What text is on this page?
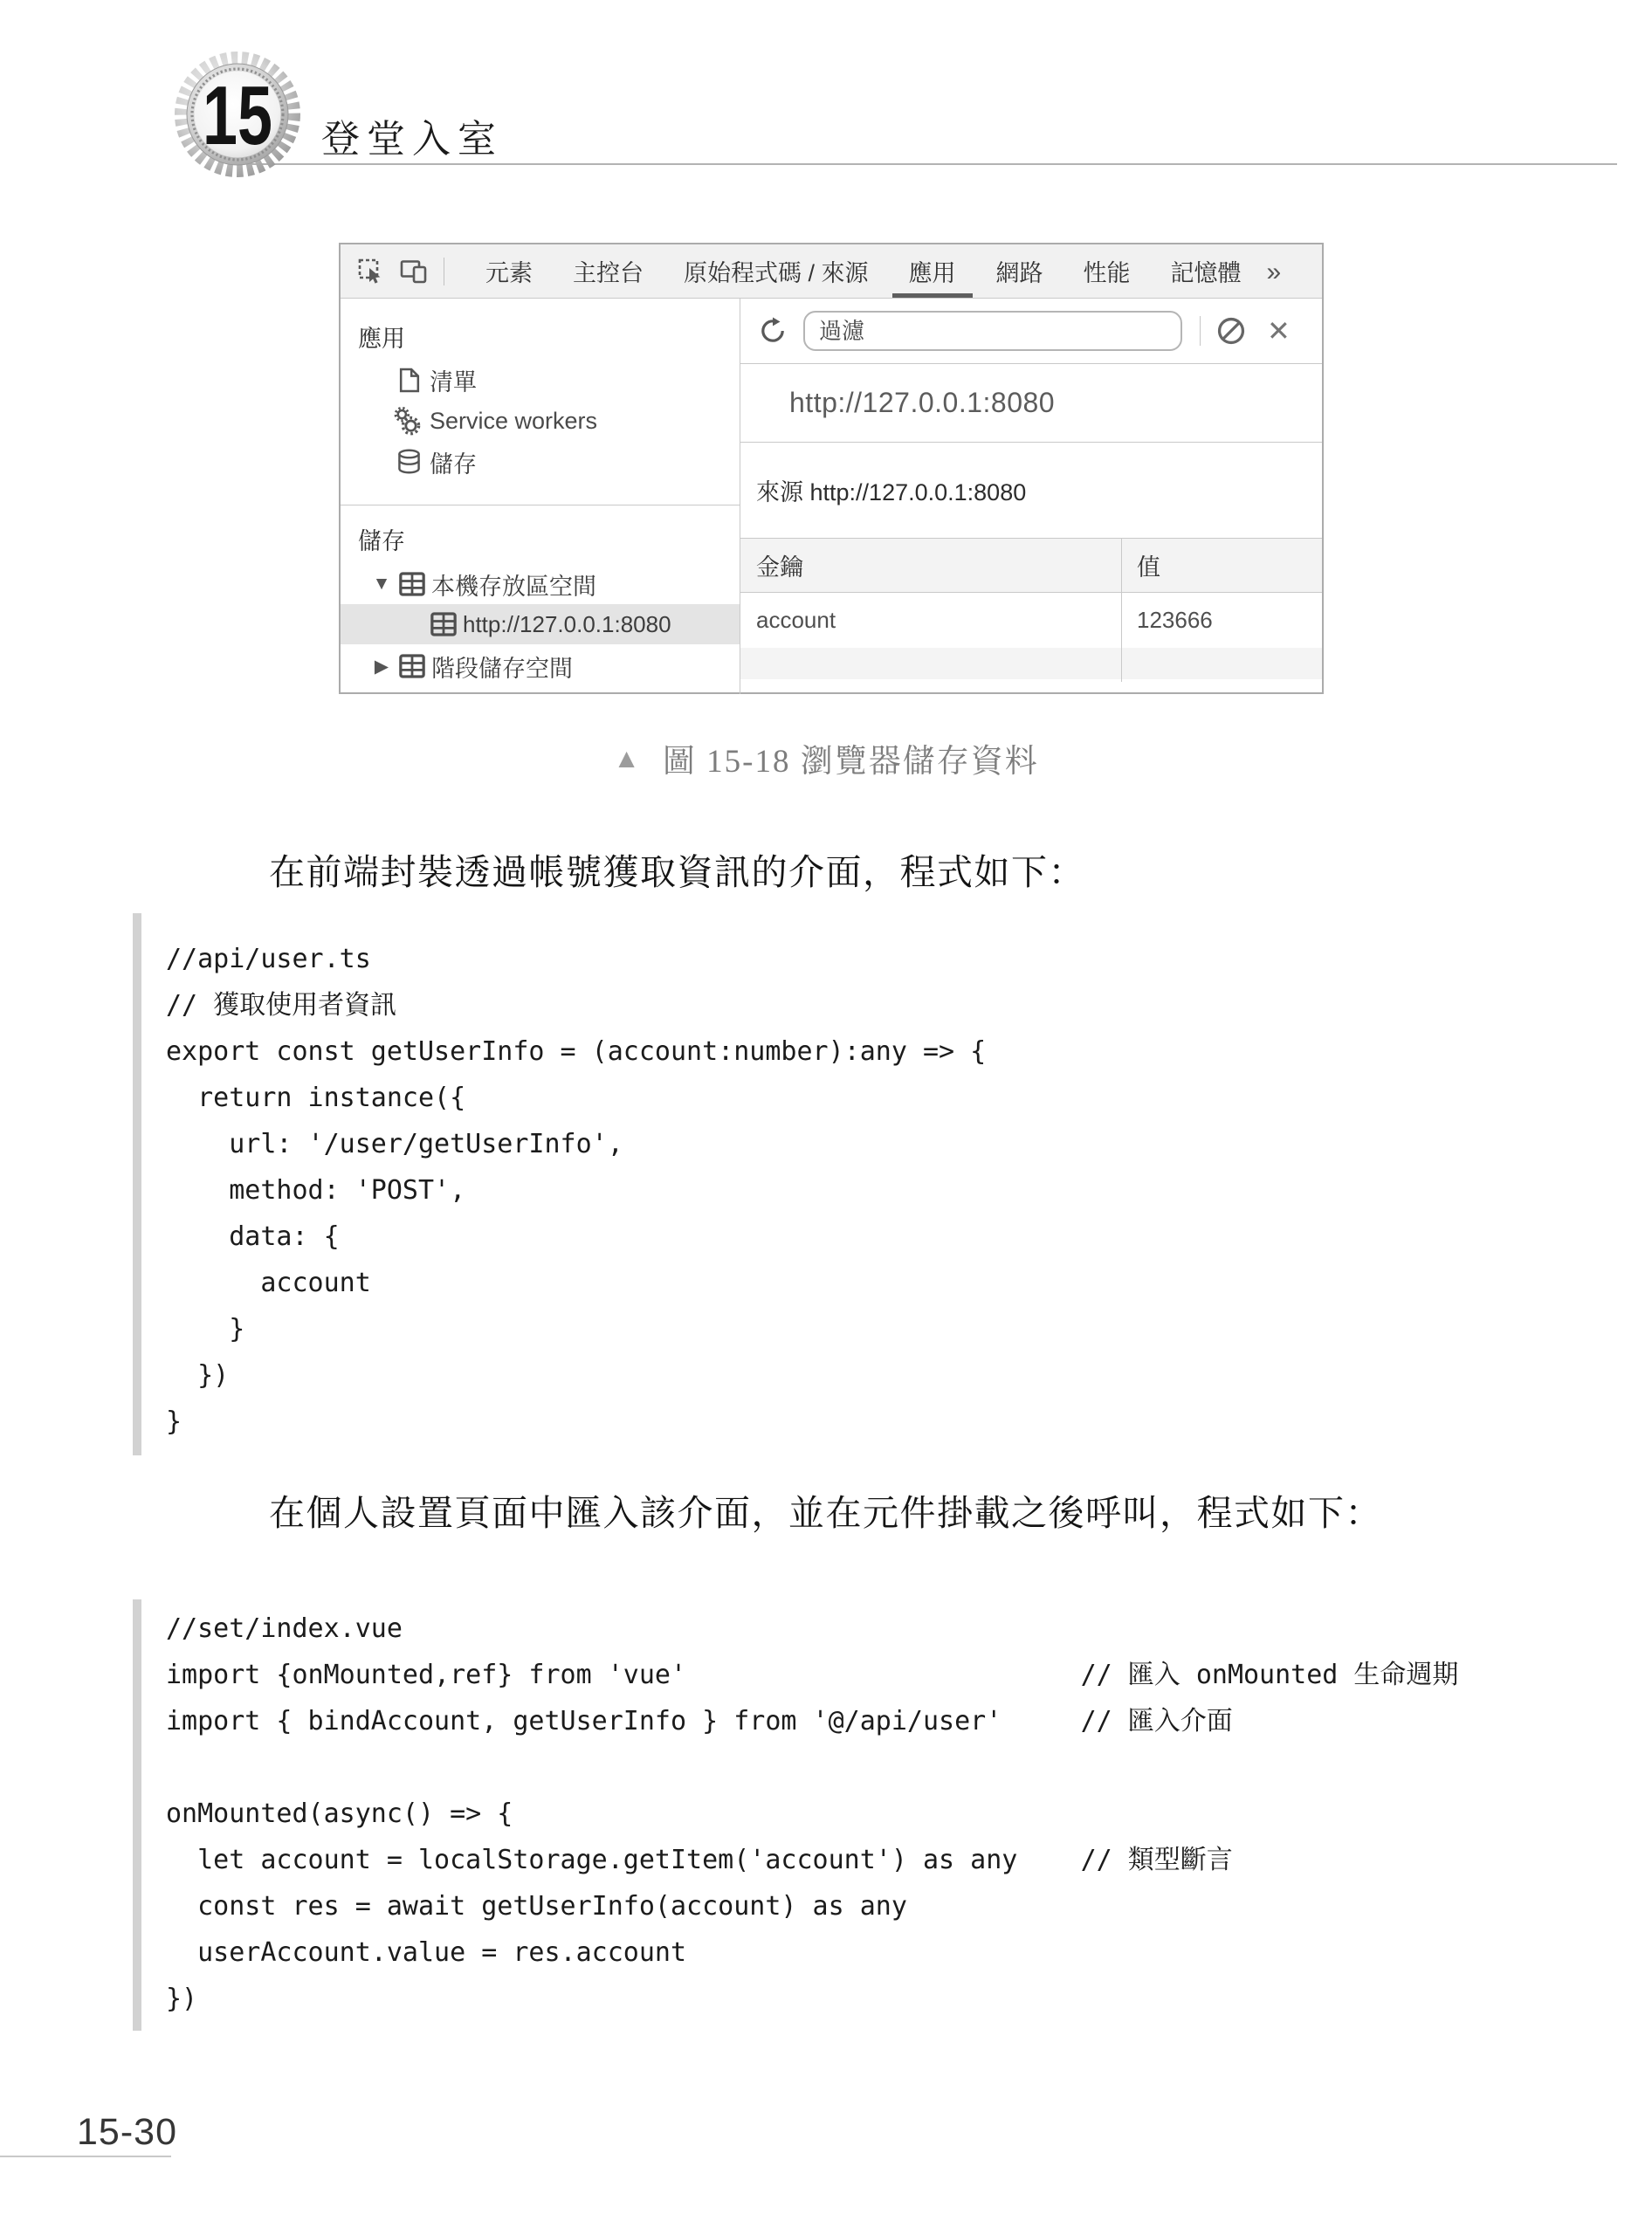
15 登堂入室
元素 主控台 原始程式碼 / 來源 應用 網路 性能 記憶體 »
應用
清單
Service workers
儲存
儲存
▼ 本機存放區空間
http://127.0.0.1:8080
▶ 階段儲存空間
過濾
✕
http://127.0.0.1:8080
來源 http://127.0.0.1:8080
金鑰	值
account	123666
▲ 圖 15-18 瀏覽器儲存資料
在前端封裝透過帳號獲取資訊的介面，程式如下：
在個人設置頁面中匯入該介面，並在元件掛載之後呼叫，程式如下：
//api/user.ts
// 獲取使用者資訊
export const getUserInfo = (account:number):any => {
return instance({
url: '/user/getUserInfo',
method: 'POST',
data: {
account
}
})
}
//set/index.vue
import {onMounted,ref} from 'vue'                         // 匯入 onMounted 生命週期
import { bindAccount, getUserInfo } from '@/api/user'     // 匯入介面
onMounted(async() => {
let account = localStorage.getItem('account') as any    // 類型斷言
const res = await getUserInfo(account) as any
userAccount.value = res.account
})
15-30
